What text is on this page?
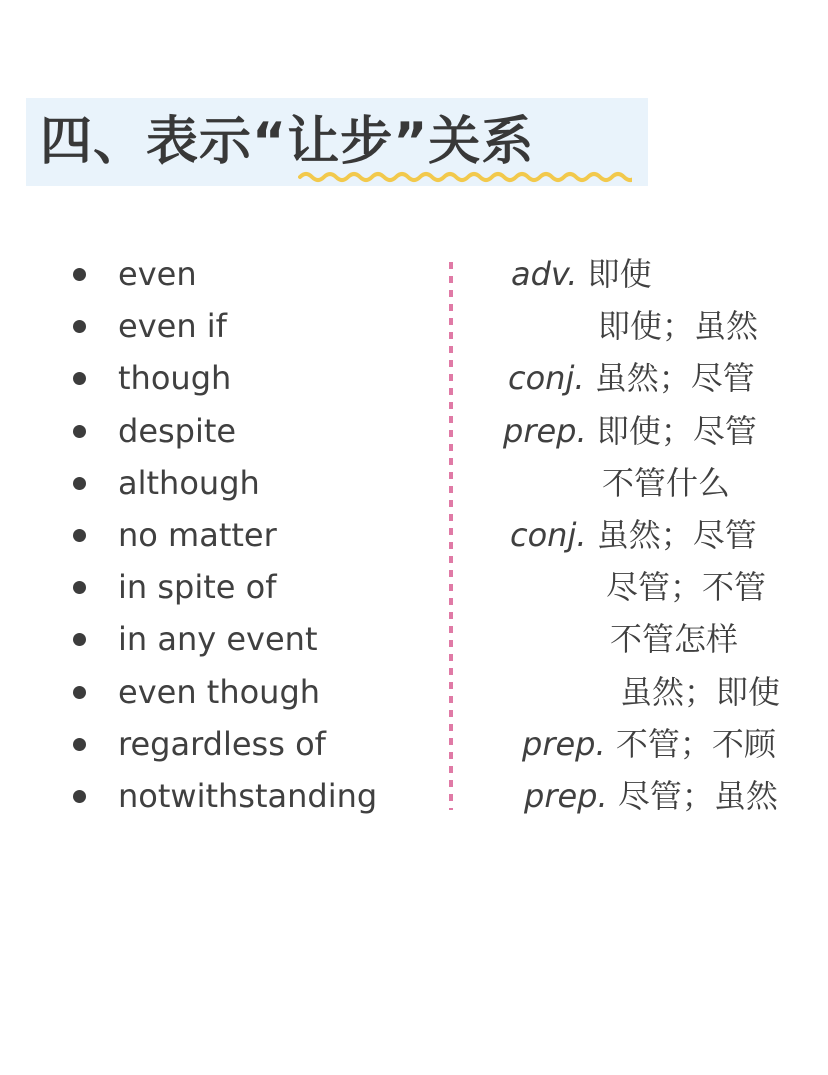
四、表示“让步”关系
even
even if
though
despite
although
no matter
in spite of
in any event
even though
regardless of
notwithstanding
adv. 即使
即使；虽然
conj. 虽然；尽管
prep. 即使；尽管
不管什么
conj. 虽然；尽管
尽管；不管
不管怎样
虽然；即使
prep. 不管；不顾
prep. 尽管；虽然
